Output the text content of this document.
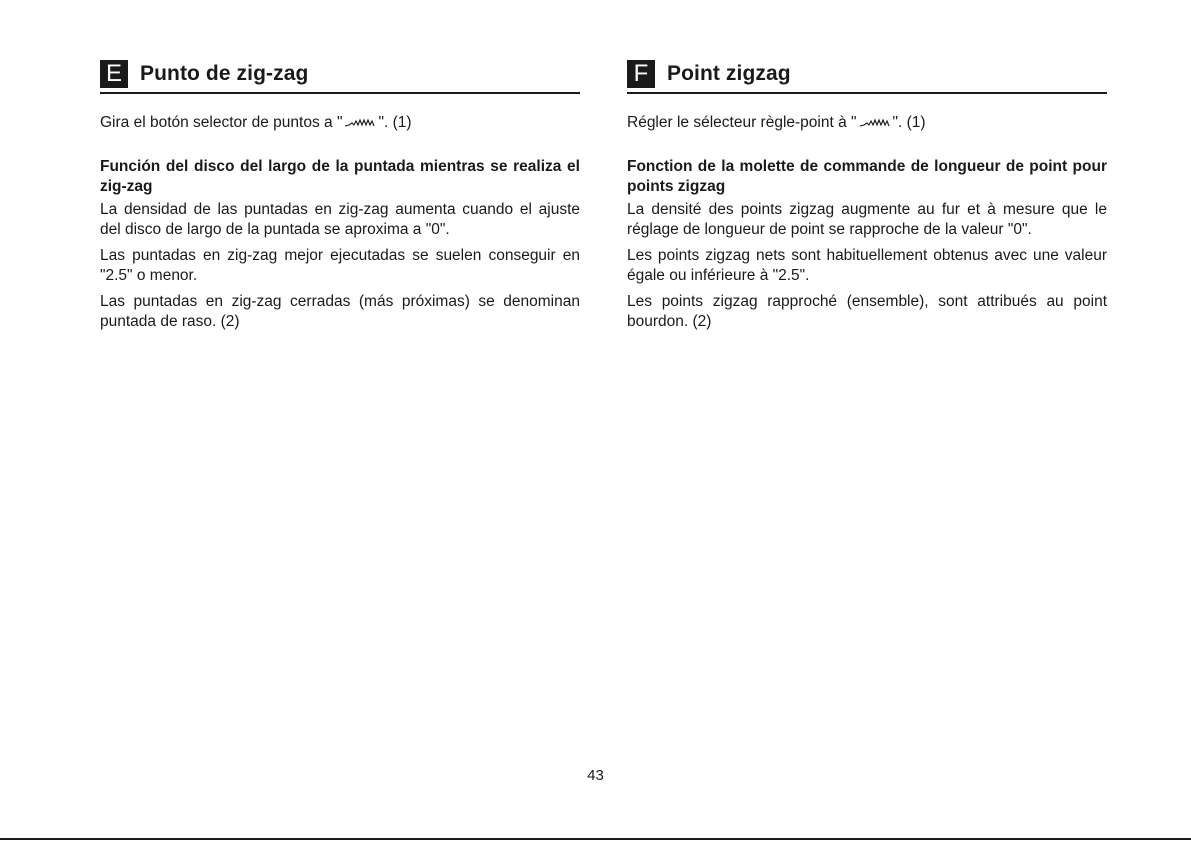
E Punto de zig-zag
Gira el botón selector de puntos a " ". (1)
Función del disco del largo de la puntada mientras se realiza el zig-zag
La densidad de las puntadas en zig-zag aumenta cuando el ajuste del disco de largo de la puntada se aproxima a "0".
Las puntadas en zig-zag mejor ejecutadas se suelen conseguir en "2.5" o menor.
Las puntadas en zig-zag cerradas (más próximas) se denominan puntada de raso. (2)
F Point zigzag
Régler le sélecteur règle-point à " ". (1)
Fonction de la molette de commande de longueur de point pour points zigzag
La densité des points zigzag augmente au fur et à mesure que le réglage de longueur de point se rapproche de la valeur "0".
Les points zigzag nets sont habituellement obtenus avec une valeur égale ou inférieure à "2.5".
Les points zigzag rapproché (ensemble), sont attribués au point bourdon. (2)
43
